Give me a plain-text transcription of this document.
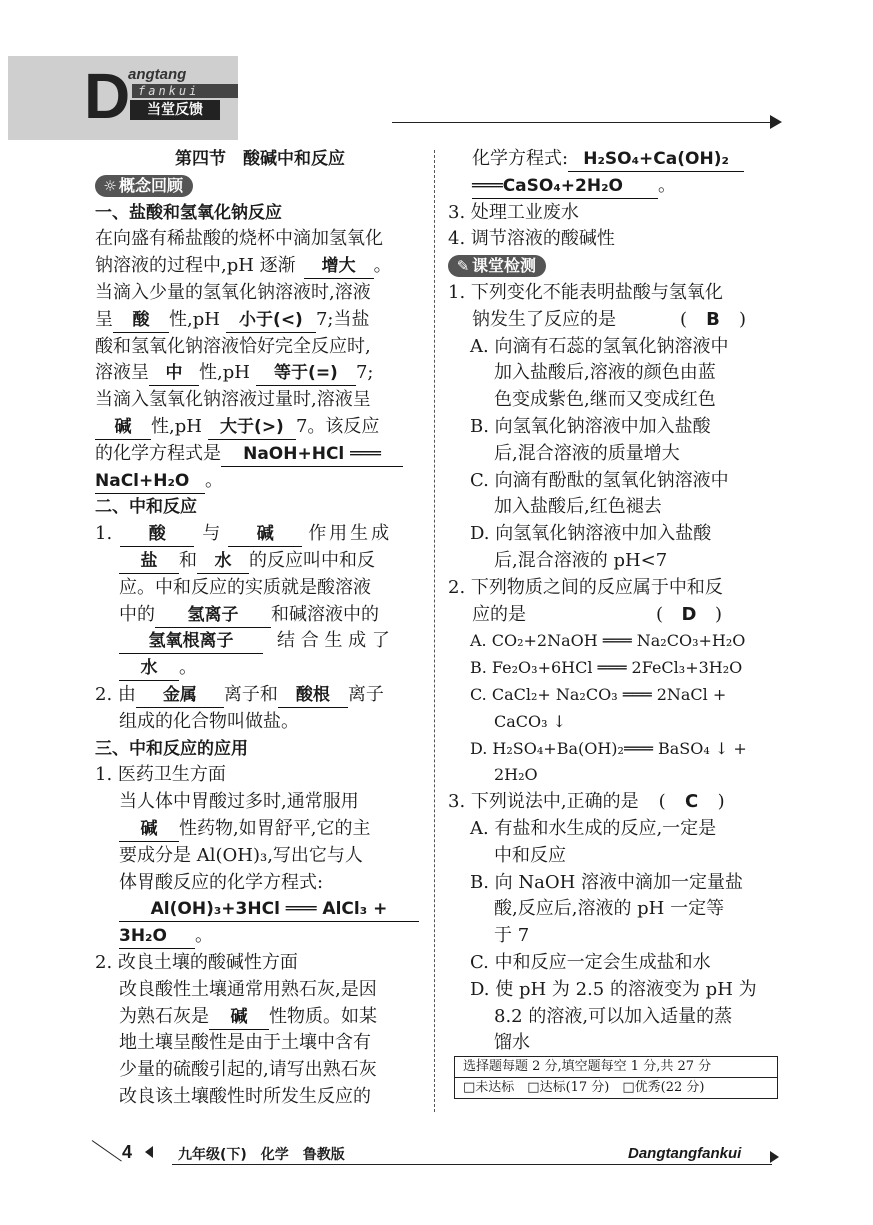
D
angtang
fankui
当堂反馈
第四节　酸碱中和反应
☼ 概念回顾
一、盐酸和氢氧化钠反应
在向盛有稀盐酸的烧杯中滴加氢氧化
钠溶液的过程中,pH 逐渐 增大 。
当滴入少量的氢氧化钠溶液时,溶液
呈 酸 性,pH 小于(<) 7;当盐
酸和氢氧化钠溶液恰好完全反应时,
溶液呈 中 性,pH 等于(=) 7;
当滴入氢氧化钠溶液过量时,溶液呈
碱 性,pH 大于(>) 7。该反应
的化学方程式是 NaOH+HCl ═══
NaCl+H₂O 。
二、中和反应
1. 酸 与 碱 作用生成
盐 和 水 的反应叫中和反
应。中和反应的实质就是酸溶液
中的 氢离子 和碱溶液中的
氢氧根离子 结 合 生 成 了
水 。
2. 由 金属 离子和 酸根 离子
组成的化合物叫做盐。
三、中和反应的应用
1. 医药卫生方面
当人体中胃酸过多时,通常服用
碱 性药物,如胃舒平,它的主
要成分是 Al(OH)₃,写出它与人
体胃酸反应的化学方程式:
Al(OH)₃+3HCl ═══ AlCl₃ +
3H₂O 。
2. 改良土壤的酸碱性方面
改良酸性土壤通常用熟石灰,是因
为熟石灰是 碱 性物质。如某
地土壤呈酸性是由于土壤中含有
少量的硫酸引起的,请写出熟石灰
改良该土壤酸性时所发生反应的
化学方程式: H₂SO₄+Ca(OH)₂
═══CaSO₄+2H₂O 。
3. 处理工业废水
4. 调节溶液的酸碱性
✎ 课堂检测
1. 下列变化不能表明盐酸与氢氧化
钠发生了反应的是	( B )
A. 向滴有石蕊的氢氧化钠溶液中
加入盐酸后,溶液的颜色由蓝
色变成紫色,继而又变成红色
B. 向氢氧化钠溶液中加入盐酸
后,混合溶液的质量增大
C. 向滴有酚酞的氢氧化钠溶液中
加入盐酸后,红色褪去
D. 向氢氧化钠溶液中加入盐酸
后,混合溶液的 pH<7
2. 下列物质之间的反应属于中和反
应的是	( D )
A. CO₂+2NaOH ═══ Na₂CO₃+H₂O
B. Fe₂O₃+6HCl ═══ 2FeCl₃+3H₂O
C. CaCl₂+ Na₂CO₃ ═══ 2NaCl +
CaCO₃ ↓
D. H₂SO₄+Ba(OH)₂═══ BaSO₄ ↓ +
2H₂O
3. 下列说法中,正确的是 ( C )
A. 有盐和水生成的反应,一定是
中和反应
B. 向 NaOH 溶液中滴加一定量盐
酸,反应后,溶液的 pH 一定等
于 7
C. 中和反应一定会生成盐和水
D. 使 pH 为 2.5 的溶液变为 pH 为
8.2 的溶液,可以加入适量的蒸
馏水
选择题每题 2 分,填空题每空 1 分,共 27 分
□未达标　□达标(17 分)　□优秀(22 分)
4	九年级(下)　化学　鲁教版	Dangtangfankui
